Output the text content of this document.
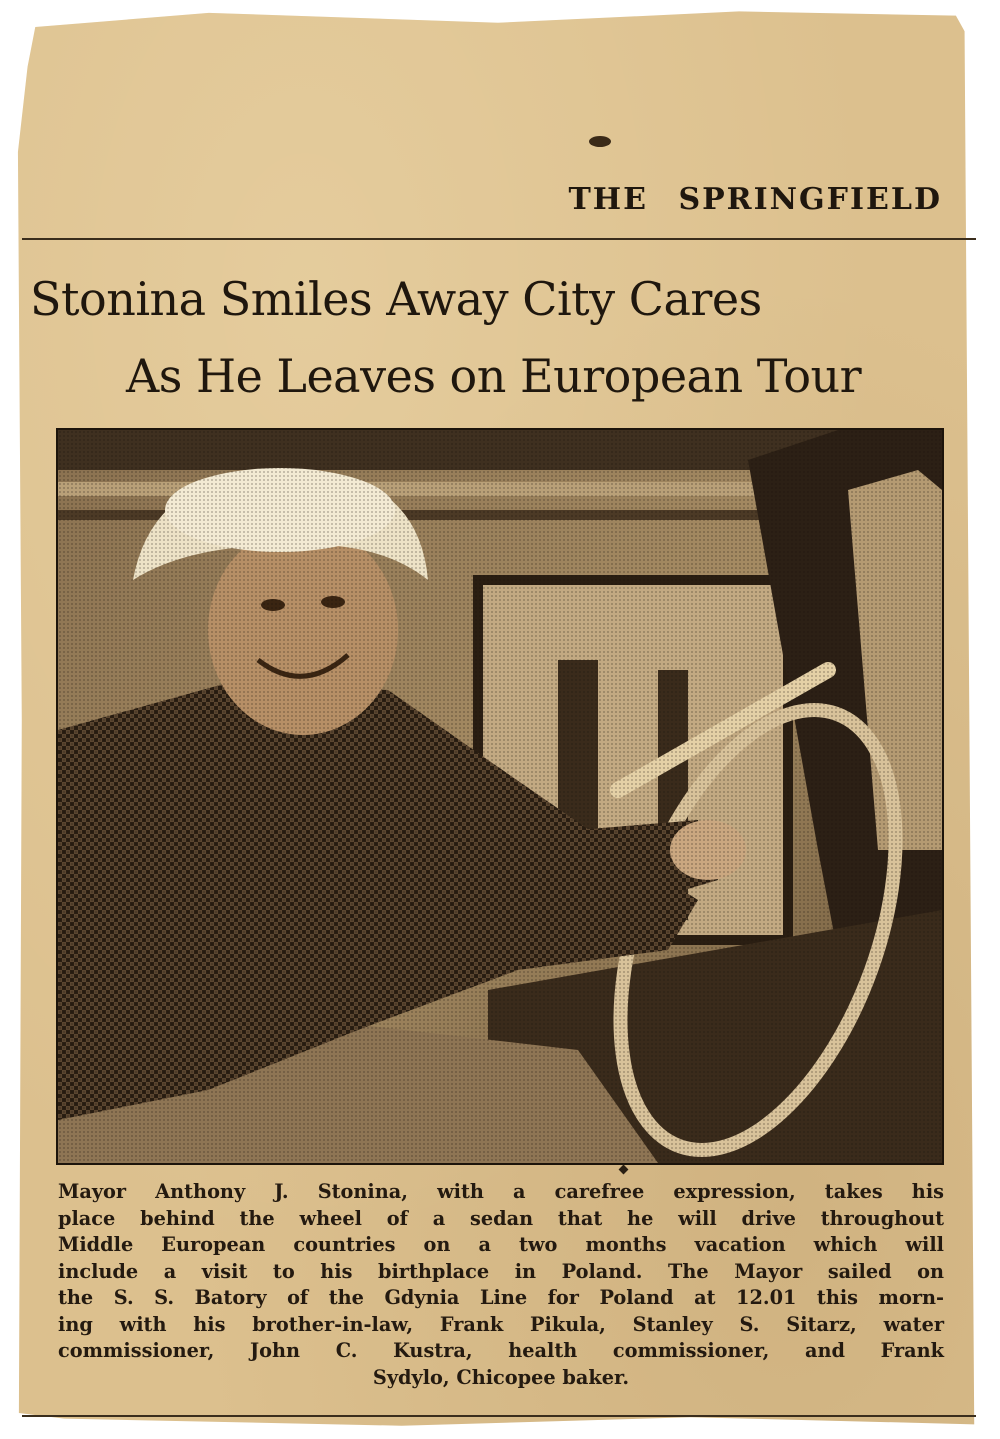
THE SPRINGFIELD
Stonina Smiles Away City Cares
As He Leaves on European Tour
Mayor Anthony J. Stonina, with a carefree expression, takes his
place behind the wheel of a sedan that he will drive throughout
Middle European countries on a two months vacation which will
include a visit to his birthplace in Poland. The Mayor sailed on
the S. S. Batory of the Gdynia Line for Poland at 12.01 this morn-
ing with his brother-in-law, Frank Pikula, Stanley S. Sitarz, water
commissioner, John C. Kustra, health commissioner, and Frank
Sydylo, Chicopee baker.
